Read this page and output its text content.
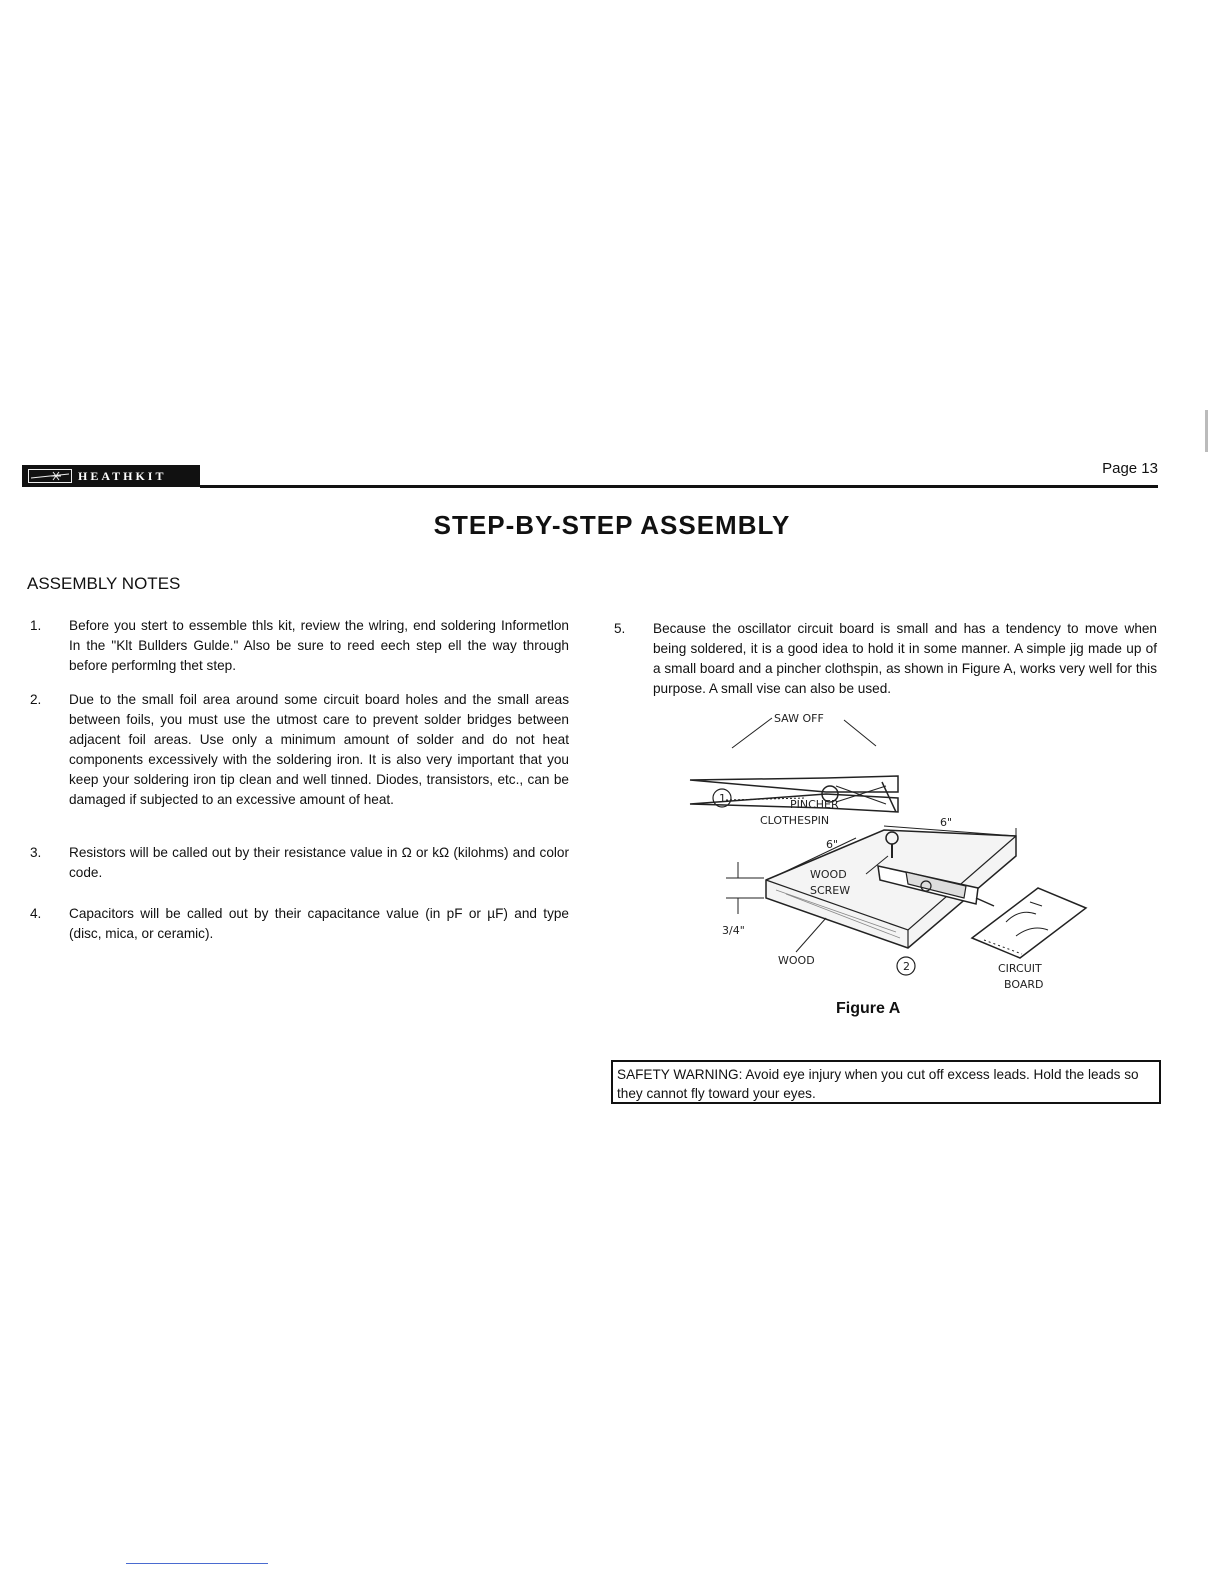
HEATHKIT	Page 13
STEP-BY-STEP ASSEMBLY
ASSEMBLY NOTES
1. Before you stert to essemble thls kit, review the wlring, end soldering Informetlon In the "Klt Bullders Gulde." Also be sure to reed eech step ell the way through before performlng thet step.
2. Due to the small foil area around some circuit board holes and the small areas between foils, you must use the utmost care to prevent solder bridges between adjacent foil areas. Use only a minimum amount of solder and do not heat components excessively with the soldering iron. It is also very important that you keep your soldering iron tip clean and well tinned. Diodes, transistors, etc., can be damaged if subjected to an excessive amount of heat.
3. Resistors will be called out by their resistance value in Ω or kΩ (kilohms) and color code.
4. Capacitors will be called out by their capacitance value (in pF or µF) and type (disc, mica, or ceramic).
5. Because the oscillator circuit board is small and has a tendency to move when being soldered, it is a good idea to hold it in some manner. A simple jig made up of a small board and a pincher clothspin, as shown in Figure A, works very well for this purpose. A small vise can also be used.
SAW OFF
1	PINCHER
CLOTHESPIN	6"
6"
3/4"
WOOD
SCREW
WOOD	2	CIRCUIT
BOARD
Figure A
SAFETY WARNING: Avoid eye injury when you cut off excess leads. Hold the leads so they cannot fly toward your eyes.
